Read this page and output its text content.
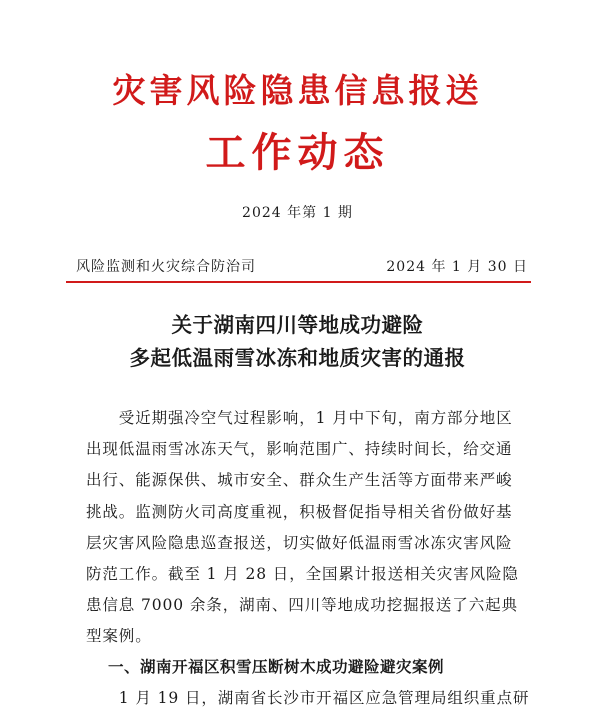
灾害风险隐患信息报送
工作动态
2024 年第 1 期
风险监测和火灾综合防治司	2024 年 1 月 30 日
关于湖南四川等地成功避险
多起低温雨雪冰冻和地质灾害的通报
　　受近期强冷空气过程影响，1 月中下旬，南方部分地区
出现低温雨雪冰冻天气，影响范围广、持续时间长，给交通
出行、能源保供、城市安全、群众生产生活等方面带来严峻
挑战。监测防火司高度重视，积极督促指导相关省份做好基
层灾害风险隐患巡查报送，切实做好低温雨雪冰冻灾害风险
防范工作。截至 1 月 28 日，全国累计报送相关灾害风险隐
患信息 7000 余条，湖南、四川等地成功挖掘报送了六起典
型案例。
一、湖南开福区积雪压断树木成功避险避灾案例
　　1 月 19 日，湖南省长沙市开福区应急管理局组织重点研
